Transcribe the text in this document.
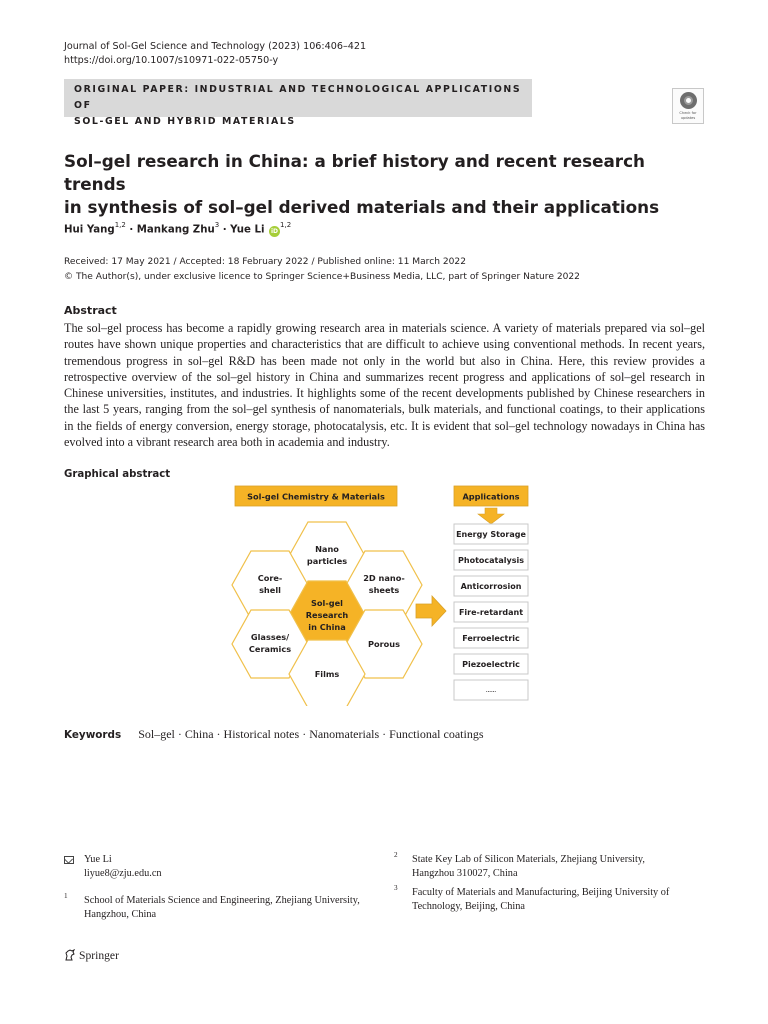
Journal of Sol-Gel Science and Technology (2023) 106:406–421
https://doi.org/10.1007/s10971-022-05750-y
ORIGINAL PAPER: INDUSTRIAL AND TECHNOLOGICAL APPLICATIONS OF
SOL-GEL AND HYBRID MATERIALS
Check for
updates
Sol–gel research in China: a brief history and recent research trends
in synthesis of sol–gel derived materials and their applications
Hui Yang$^{1,2}$ · Mankang Zhu$^3$ · Yue Li iD$^{1,2}$
Received: 17 May 2021 / Accepted: 18 February 2022 / Published online: 11 March 2022
© The Author(s), under exclusive licence to Springer Science+Business Media, LLC, part of Springer Nature 2022
Abstract
The sol–gel process has become a rapidly growing research area in materials science. A variety of materials prepared via sol–gel routes have shown unique properties and characteristics that are difficult to achieve using conventional methods. In recent years, tremendous progress in sol–gel R&D has been made not only in the world but also in China. Here, this review provides a retrospective overview of the sol–gel history in China and summarizes recent progress and applications of sol–gel research in Chinese universities, institutes, and industries. It highlights some of the recent developments published by Chinese researchers in the last 5 years, ranging from the sol–gel synthesis of nanomaterials, bulk materials, and functional coatings, to their applications in the fields of energy conversion, energy storage, photocatalysis, etc. It is evident that sol–gel technology nowadays in China has evolved into a vibrant research area both in academia and industry.
Graphical abstract
Sol-gel Chemistry & Materials
Nano
particles
Core-
shell
2D nano-
sheets
Sol-gel
Research
in China
Glasses/
Ceramics	Porous
Films
Applications
Energy Storage
Photocatalysis
Anticorrosion
Fire-retardant
Ferroelectric
Piezoelectric
......
Keywords Sol–gel · China · Historical notes · Nanomaterials · Functional coatings
Yue Li
liyue8@zju.edu.cn
1 School of Materials Science and Engineering, Zhejiang University,
Hangzhou, China
2 State Key Lab of Silicon Materials, Zhejiang University,
Hangzhou 310027, China
3 Faculty of Materials and Manufacturing, Beijing University of
Technology, Beijing, China
Springer
